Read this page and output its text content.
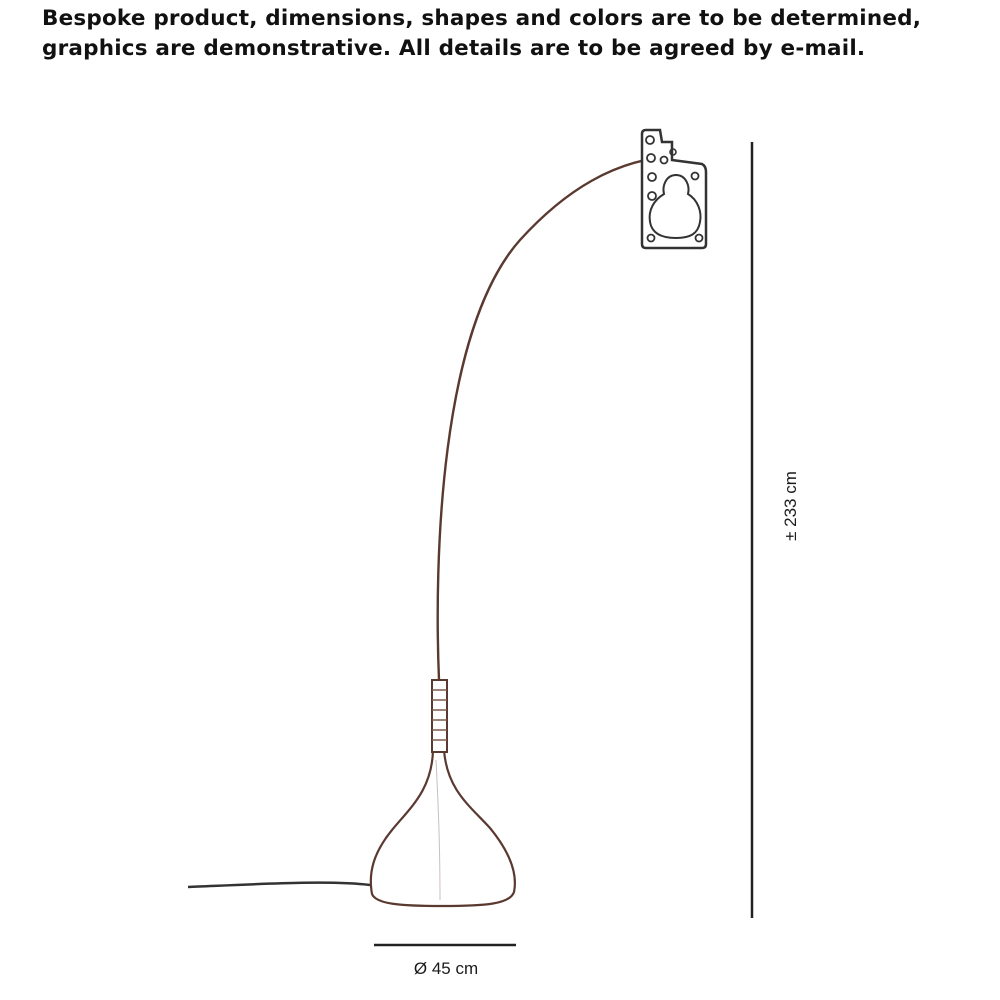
Bespoke product, dimensions, shapes and colors are to be determined, graphics are demonstrative. All details are to be agreed by e-mail.
± 233 cm
Ø 45 cm
